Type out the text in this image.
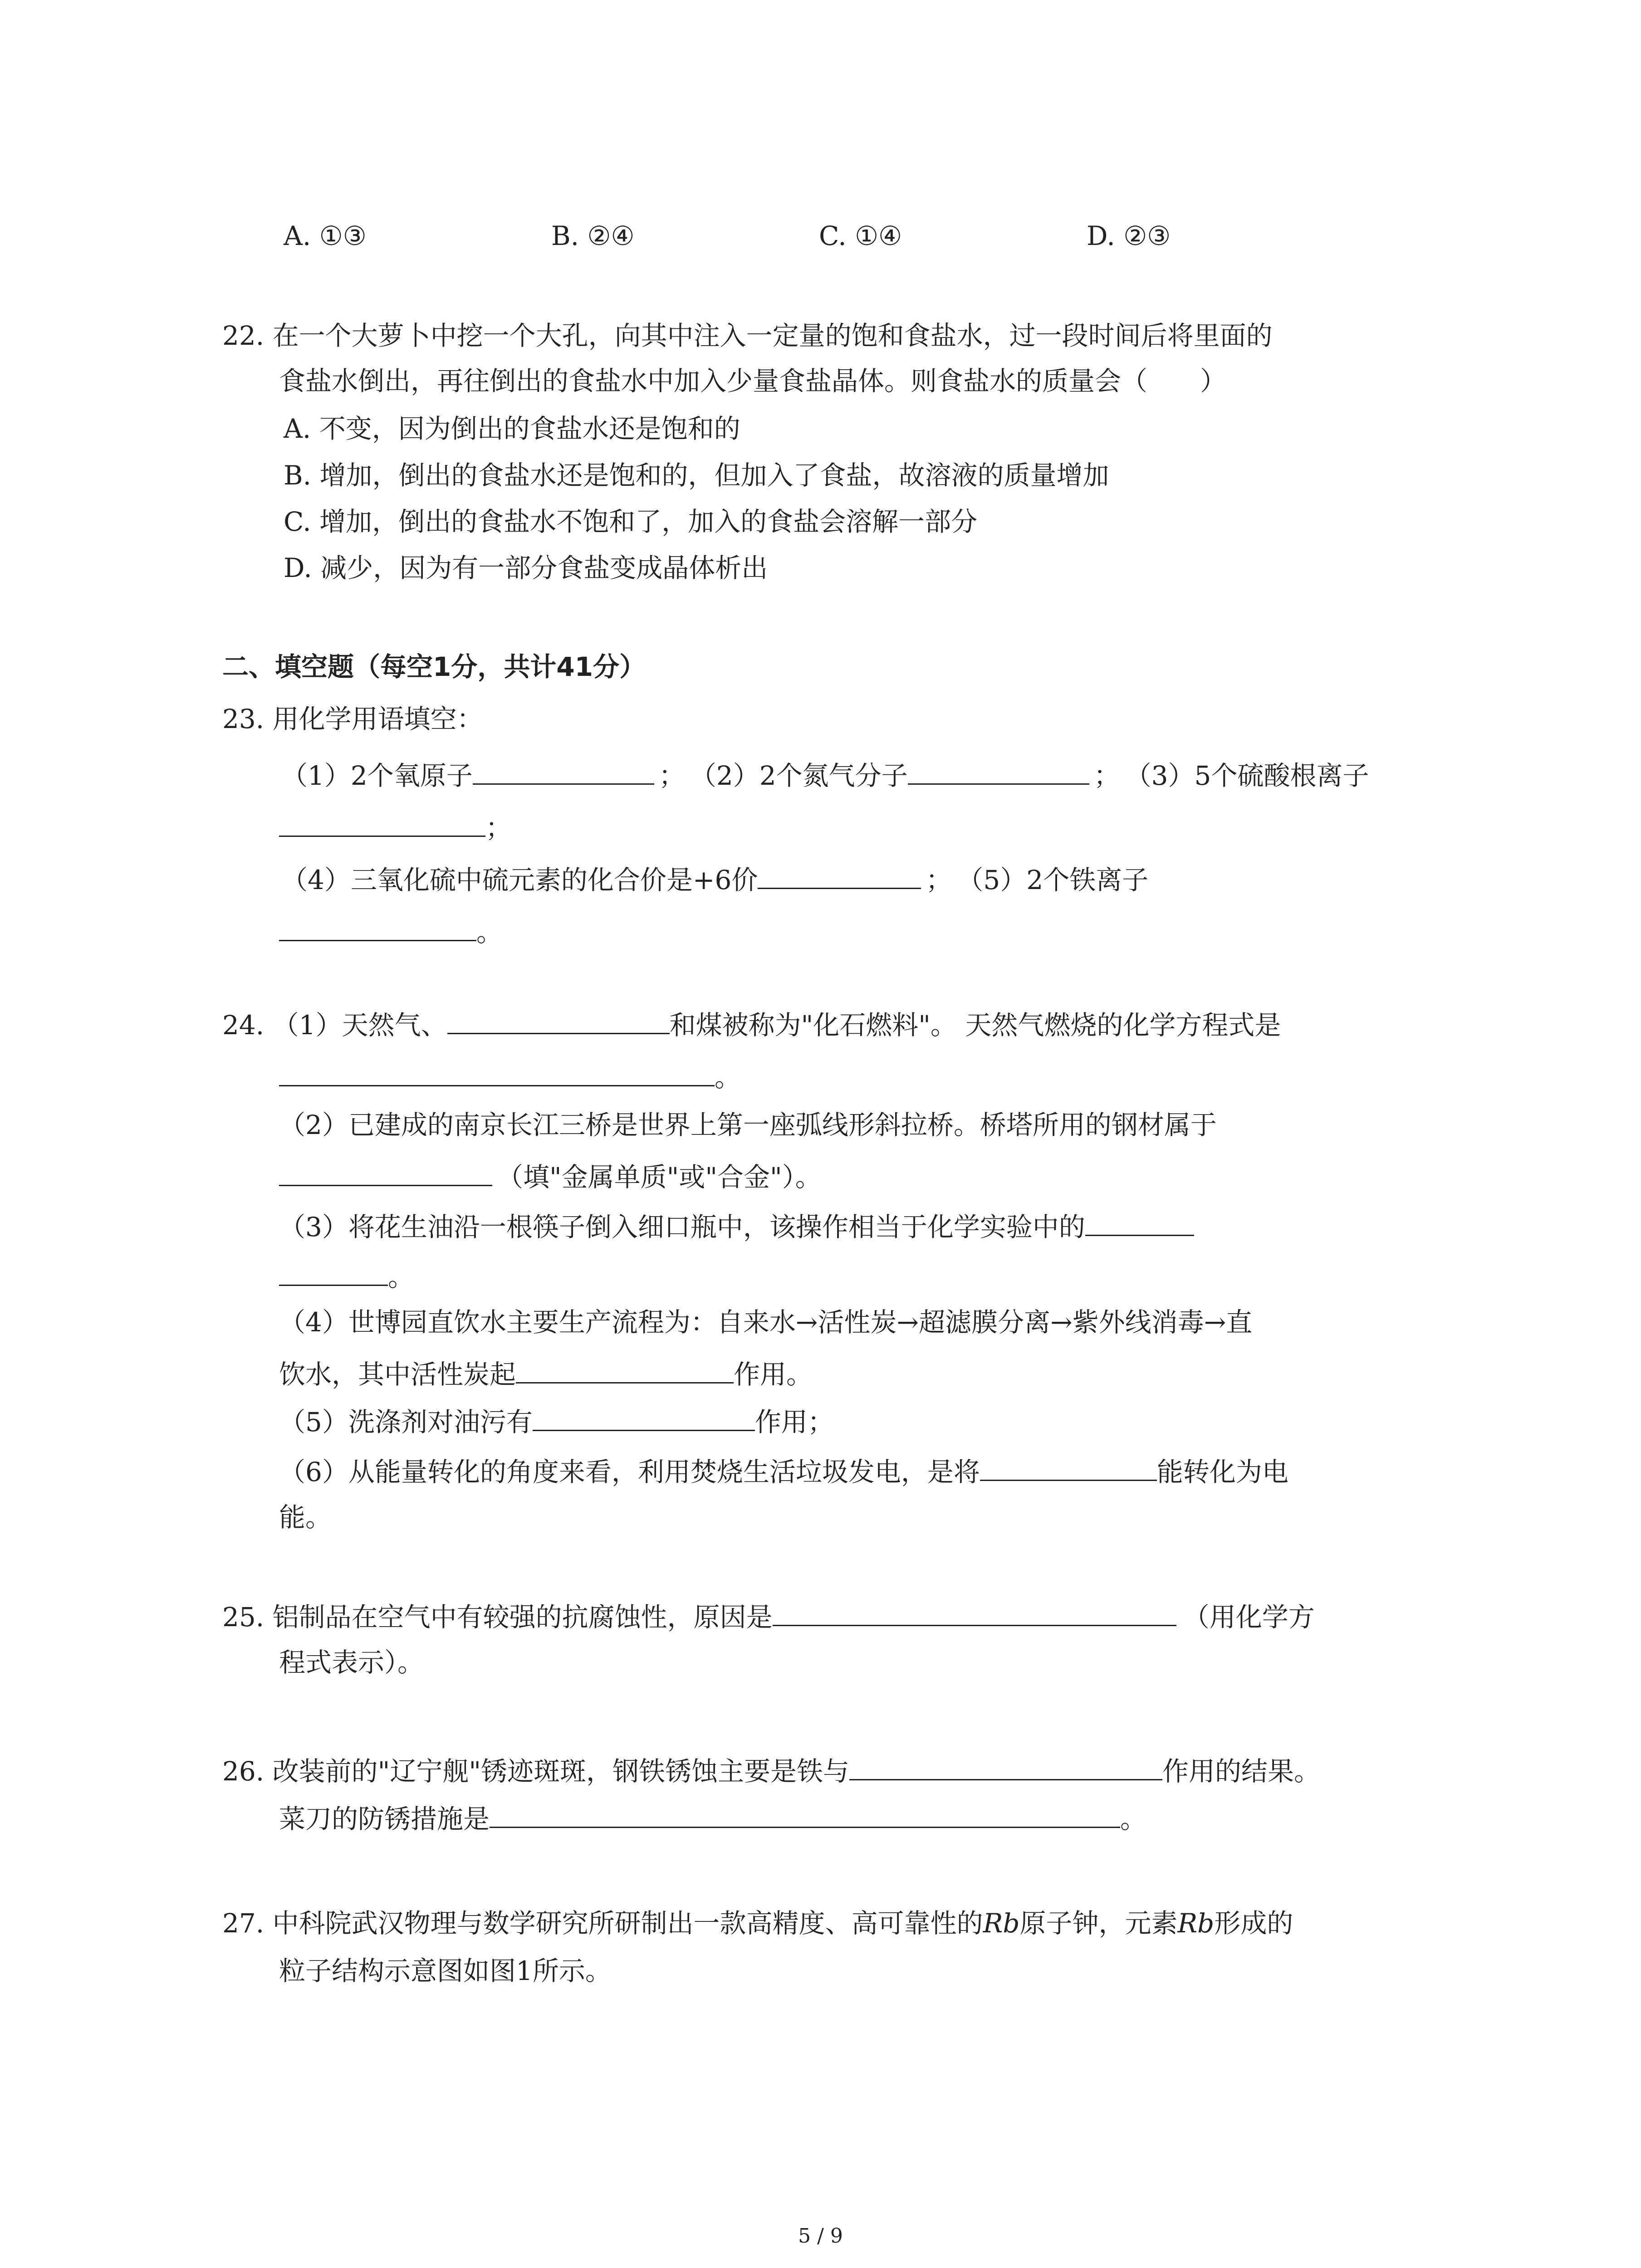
A. ①③	B. ②④	C. ①④	D. ②③
22. 在一个大萝卜中挖一个大孔，向其中注入一定量的饱和食盐水，过一段时间后将里面的
食盐水倒出，再往倒出的食盐水中加入少量食盐晶体。则食盐水的质量会（　　）
A. 不变，因为倒出的食盐水还是饱和的
B. 增加，倒出的食盐水还是饱和的，但加入了食盐，故溶液的质量增加
C. 增加，倒出的食盐水不饱和了，加入的食盐会溶解一部分
D. 减少，因为有一部分食盐变成晶体析出
二、填空题（每空1分，共计41分）
23. 用化学用语填空：
（1）2个氧原子	； （2）2个氮气分子	； （3）5个硫酸根离子
；
（4）三氧化硫中硫元素的化合价是+6价	； （5）2个铁离子
。
24. （1）天然气、	和煤被称为"化石燃料"。 天然气燃烧的化学方程式是
。
（2）已建成的南京长江三桥是世界上第一座弧线形斜拉桥。桥塔所用的钢材属于
（填"金属单质"或"合金"）。
（3）将花生油沿一根筷子倒入细口瓶中，该操作相当于化学实验中的
。
（4）世博园直饮水主要生产流程为：自来水→活性炭→超滤膜分离→紫外线消毒→直
饮水，其中活性炭起	作用。
（5）洗涤剂对油污有	作用；
（6）从能量转化的角度来看，利用焚烧生活垃圾发电，是将	能转化为电
能。
25. 铝制品在空气中有较强的抗腐蚀性，原因是	（用化学方
程式表示）。
26. 改装前的"辽宁舰"锈迹斑斑，钢铁锈蚀主要是铁与	作用的结果。
菜刀的防锈措施是	。
27. 中科院武汉物理与数学研究所研制出一款高精度、高可靠性的Rb原子钟，元素Rb形成的
粒子结构示意图如图1所示。
5 / 9
